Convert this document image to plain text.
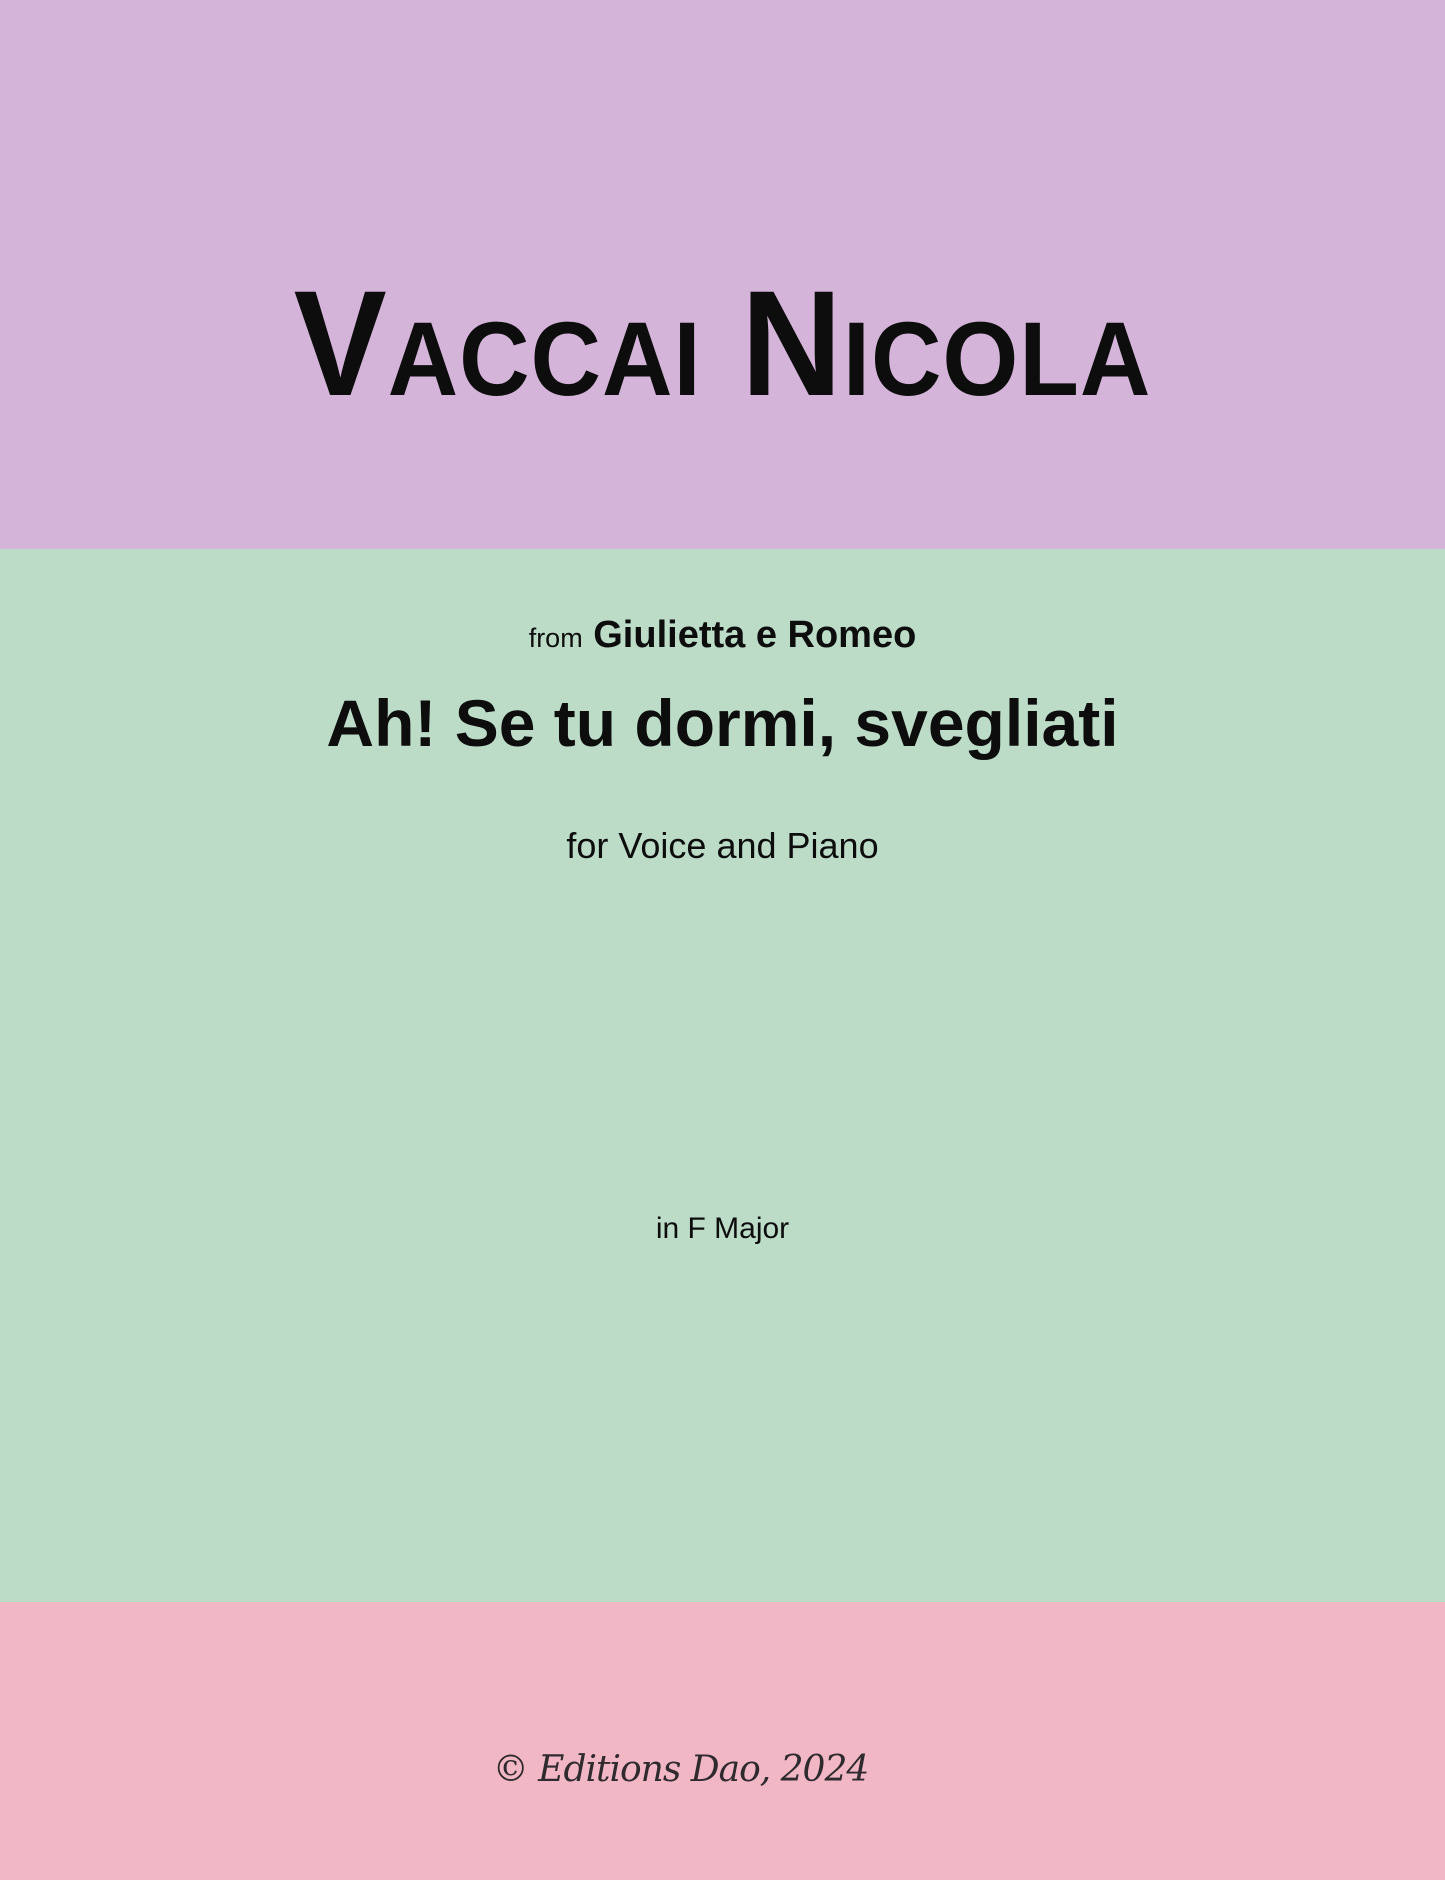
Vaccai Nicola

from Giulietta e Romeo

Ah! Se tu dormi, svegliati

for Voice and Piano

in F Major

© Editions Dao, 2024
